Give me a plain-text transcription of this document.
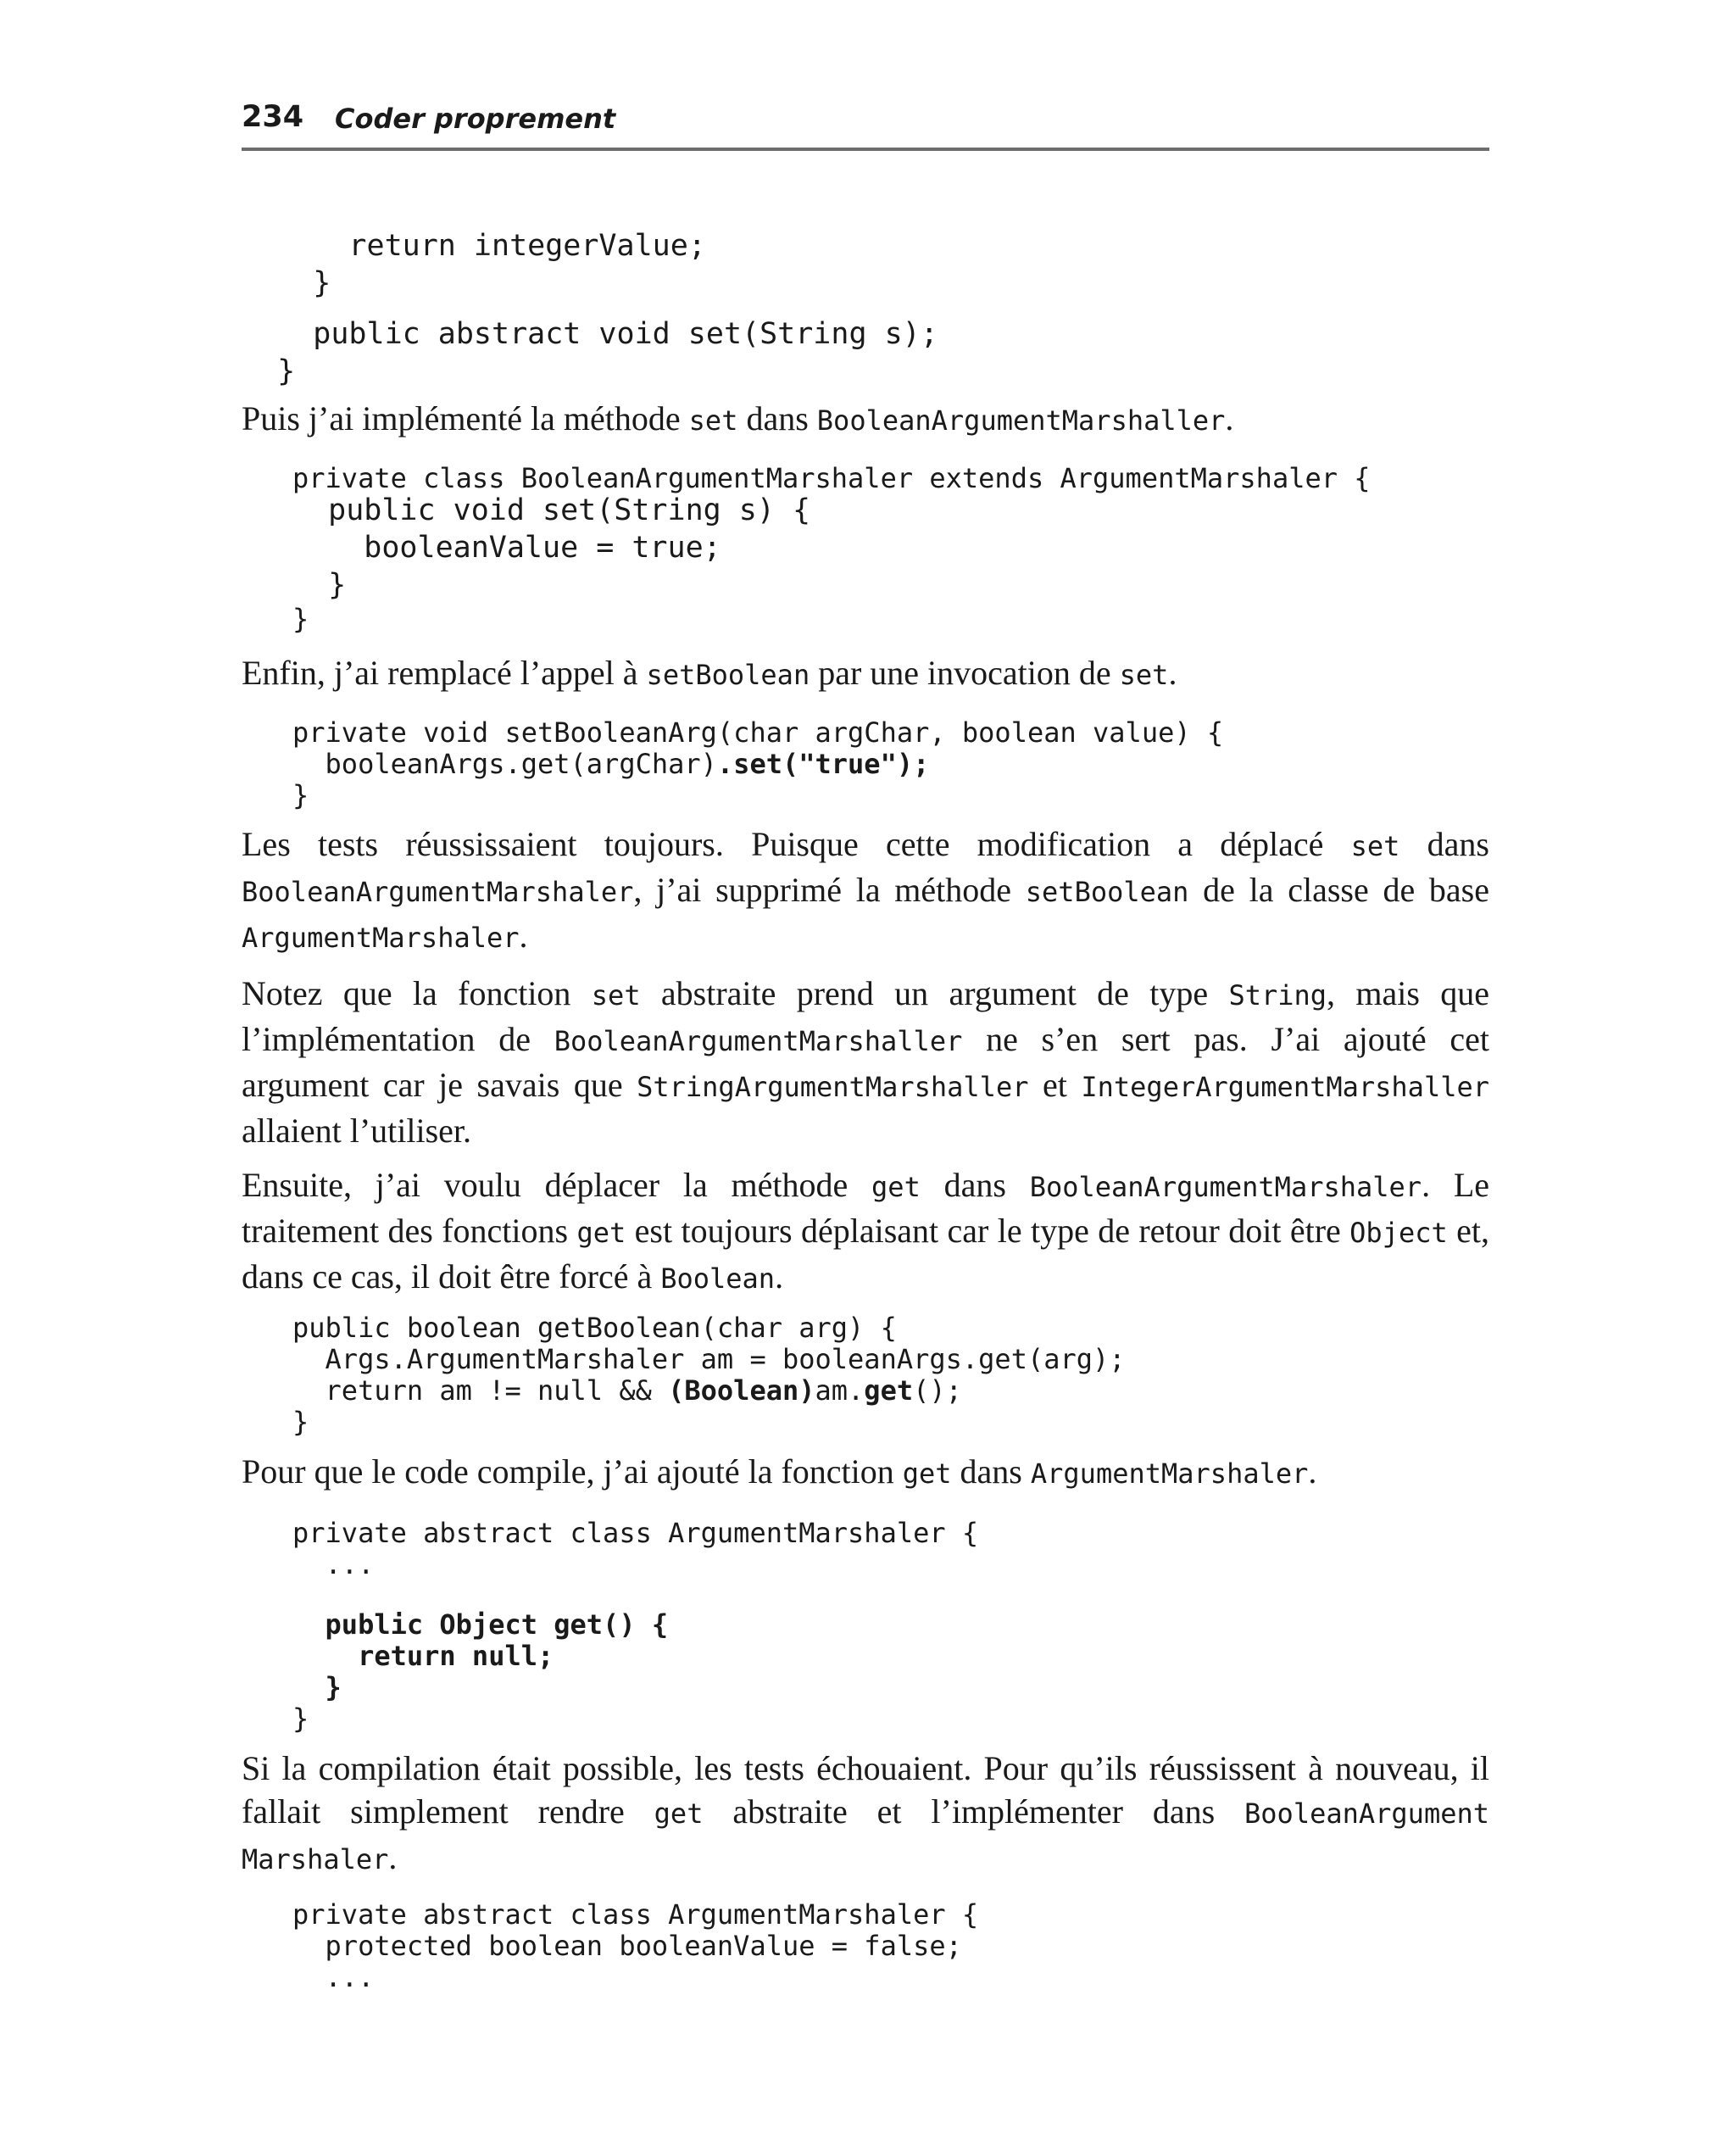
234 Coder proprement
return integerValue;
}
public abstract void set(String s);
}

Puis j’ai implémenté la méthode set dans BooleanArgumentMarshaller.

private class BooleanArgumentMarshaler extends ArgumentMarshaler {
public void set(String s) {
booleanValue = true;
}
}

Enfin, j’ai remplacé l’appel à setBoolean par une invocation de set.

private void setBooleanArg(char argChar, boolean value) {
booleanArgs.get(argChar).set("true");
}

Les tests réussissaient toujours. Puisque cette modification a déplacé set dans BooleanArgumentMarshaler, j’ai supprimé la méthode setBoolean de la classe de base ArgumentMarshaler.

Notez que la fonction set abstraite prend un argument de type String, mais que l’implémentation de BooleanArgumentMarshaller ne s’en sert pas. J’ai ajouté cet argument car je savais que StringArgumentMarshaller et IntegerArgumentMarshaller allaient l’utiliser.

Ensuite, j’ai voulu déplacer la méthode get dans BooleanArgumentMarshaler. Le traitement des fonctions get est toujours déplaisant car le type de retour doit être Object et, dans ce cas, il doit être forcé à Boolean.

public boolean getBoolean(char arg) {
Args.ArgumentMarshaler am = booleanArgs.get(arg);
return am != null && (Boolean)am.get();
}

Pour que le code compile, j’ai ajouté la fonction get dans ArgumentMarshaler.

private abstract class ArgumentMarshaler {
...
public Object get() {
return null;
}
}

Si la compilation était possible, les tests échouaient. Pour qu’ils réussissent à nouveau, il fallait simplement rendre get abstraite et l’implémenter dans BooleanArgument Marshaler.

private abstract class ArgumentMarshaler {
protected boolean booleanValue = false;
...
